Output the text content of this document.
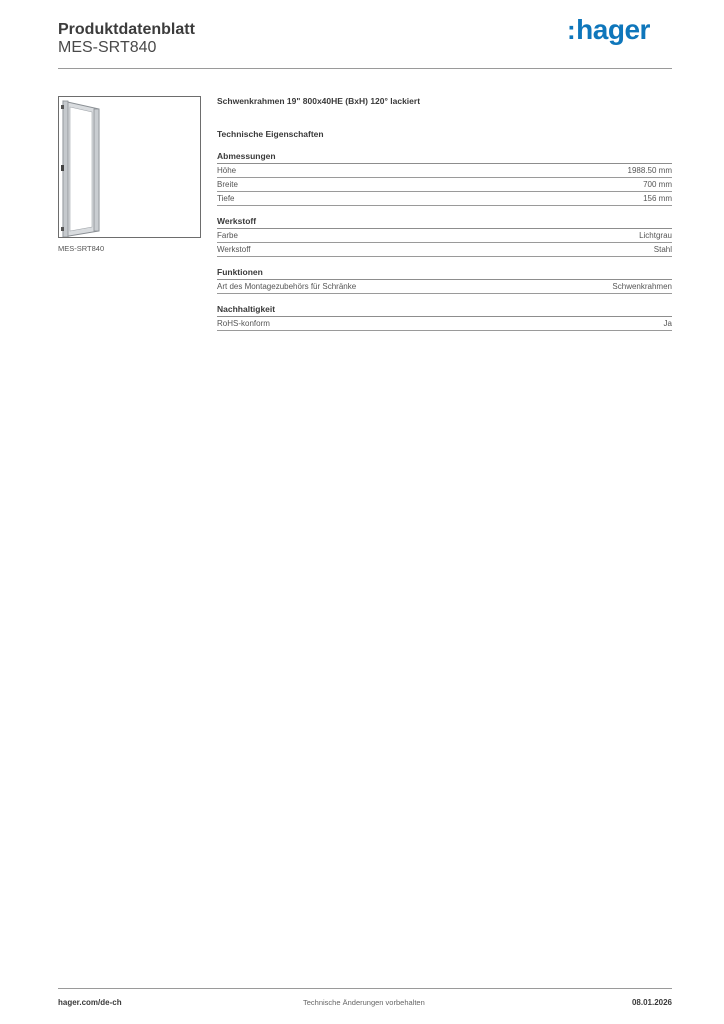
Produktdatenblatt
MES-SRT840
:hager
MES-SRT840
Schwenkrahmen 19" 800x40HE (BxH) 120° lackiert
Technische Eigenschaften
Abmessungen
Höhe	1988.50 mm
Breite	700 mm
Tiefe	156 mm
Werkstoff
Farbe	Lichtgrau
Werkstoff	Stahl
Funktionen
Art des Montagezubehörs für Schränke	Schwenkrahmen
Nachhaltigkeit
RoHS-konform	Ja
hager.com/de-ch	Technische Änderungen vorbehalten	08.01.2026
